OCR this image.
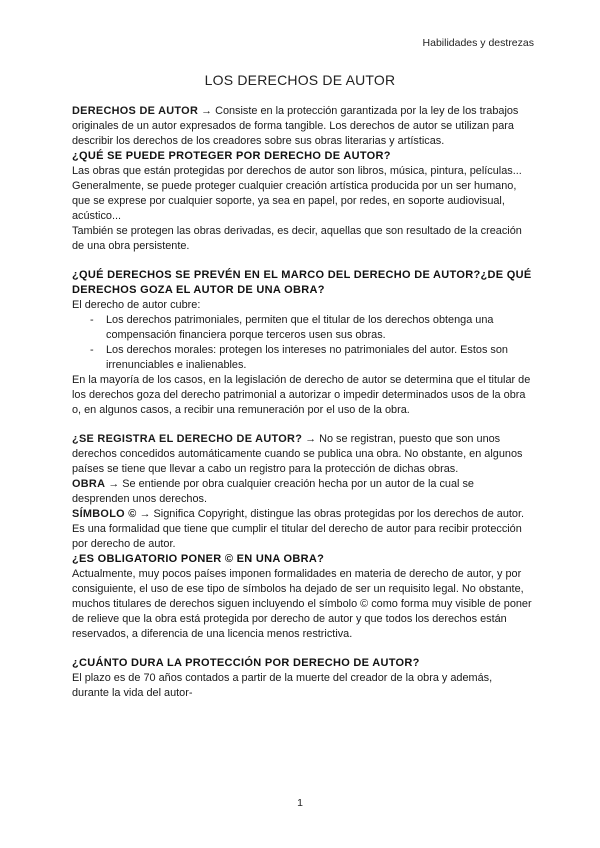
Habilidades y destrezas
LOS DERECHOS DE AUTOR

DERECHOS DE AUTOR → Consiste en la protección garantizada por la ley de los trabajos originales de un autor expresados de forma tangible. Los derechos de autor se utilizan para describir los derechos de los creadores sobre sus obras literarias y artísticas.

¿QUÉ SE PUEDE PROTEGER POR DERECHO DE AUTOR?

Las obras que están protegidas por derechos de autor son libros, música, pintura, películas...

Generalmente, se puede proteger cualquier creación artística producida por un ser humano, que se exprese por cualquier soporte, ya sea en papel, por redes, en soporte audiovisual, acústico...

También se protegen las obras derivadas, es decir, aquellas que son resultado de la creación de una obra persistente.

¿QUÉ DERECHOS SE PREVÉN EN EL MARCO DEL DERECHO DE AUTOR?¿DE QUÉ DERECHOS GOZA EL AUTOR DE UNA OBRA?

El derecho de autor cubre:

- Los derechos patrimoniales, permiten que el titular de los derechos obtenga una compensación financiera porque terceros usen sus obras.
- Los derechos morales: protegen los intereses no patrimoniales del autor. Estos son irrenunciables e inalienables.

En la mayoría de los casos, en la legislación de derecho de autor se determina que el titular de los derechos goza del derecho patrimonial a autorizar o impedir determinados usos de la obra o, en algunos casos, a recibir una remuneración por el uso de la obra.

¿SE REGISTRA EL DERECHO DE AUTOR? → No se registran, puesto que son unos derechos concedidos automáticamente cuando se publica una obra. No obstante, en algunos países se tiene que llevar a cabo un registro para la protección de dichas obras.

OBRA → Se entiende por obra cualquier creación hecha por un autor de la cual se desprenden unos derechos.

SÍMBOLO © → Significa Copyright, distingue las obras protegidas por los derechos de autor. Es una formalidad que tiene que cumplir el titular del derecho de autor para recibir protección por derecho de autor.

¿ES OBLIGATORIO PONER © EN UNA OBRA?

Actualmente, muy pocos países imponen formalidades en materia de derecho de autor, y por consiguiente, el uso de ese tipo de símbolos ha dejado de ser un requisito legal. No obstante, muchos titulares de derechos siguen incluyendo el símbolo © como forma muy visible de poner de relieve que la obra está protegida por derecho de autor y que todos los derechos están reservados, a diferencia de una licencia menos restrictiva.

¿CUÁNTO DURA LA PROTECCIÓN POR DERECHO DE AUTOR?

El plazo es de 70 años contados a partir de la muerte del creador de la obra y además, durante la vida del autor-

1
